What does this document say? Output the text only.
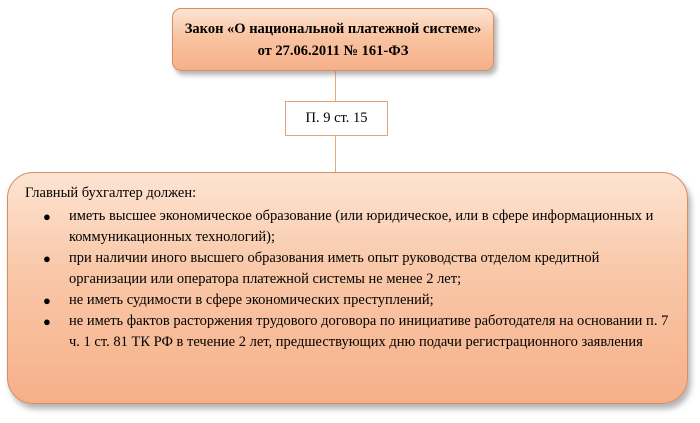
Закон «О национальной платежной системе» от 27.06.2011 № 161-ФЗ
П. 9 ст. 15

Главный бухгалтер должен:

● иметь высшее экономическое образование (или юридическое, или в сфере информационных и коммуникационных технологий);
● при наличии иного высшего образования иметь опыт руководства отделом кредитной организации или оператора платежной системы не менее 2 лет;
● не иметь судимости в сфере экономических преступлений;
● не иметь фактов расторжения трудового договора по инициативе работодателя на основании п. 7 ч. 1 ст. 81 ТК РФ в течение 2 лет, предшествующих дню подачи регистрационного заявления
